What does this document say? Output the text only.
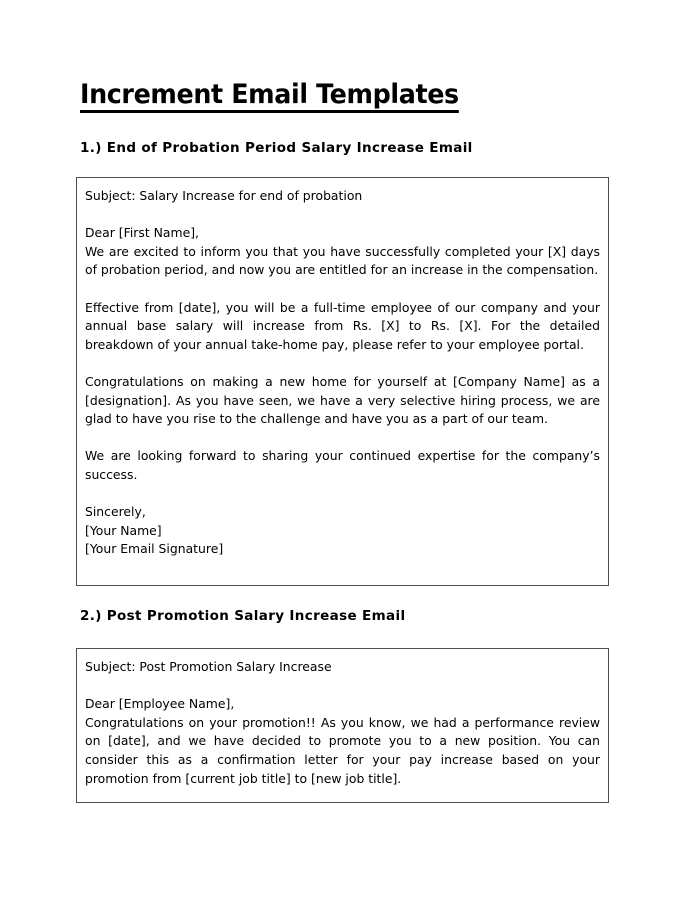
Increment Email Templates
1.) End of Probation Period Salary Increase Email

Subject: Salary Increase for end of probation

Dear [First Name],

We are excited to inform you that you have successfully completed your [X] days of probation period, and now you are entitled for an increase in the compensation.

Effective from [date], you will be a full-time employee of our company and your annual base salary will increase from Rs. [X] to Rs. [X]. For the detailed breakdown of your annual take-home pay, please refer to your employee portal.

Congratulations on making a new home for yourself at [Company Name] as a [designation]. As you have seen, we have a very selective hiring process, we are glad to have you rise to the challenge and have you as a part of our team.

We are looking forward to sharing your continued expertise for the company’s success.

Sincerely,

[Your Name]

[Your Email Signature]

2.) Post Promotion Salary Increase Email

Subject: Post Promotion Salary Increase

Dear [Employee Name],

Congratulations on your promotion!! As you know, we had a performance review on [date], and we have decided to promote you to a new position. You can consider this as a confirmation letter for your pay increase based on your promotion from [current job title] to [new job title].
